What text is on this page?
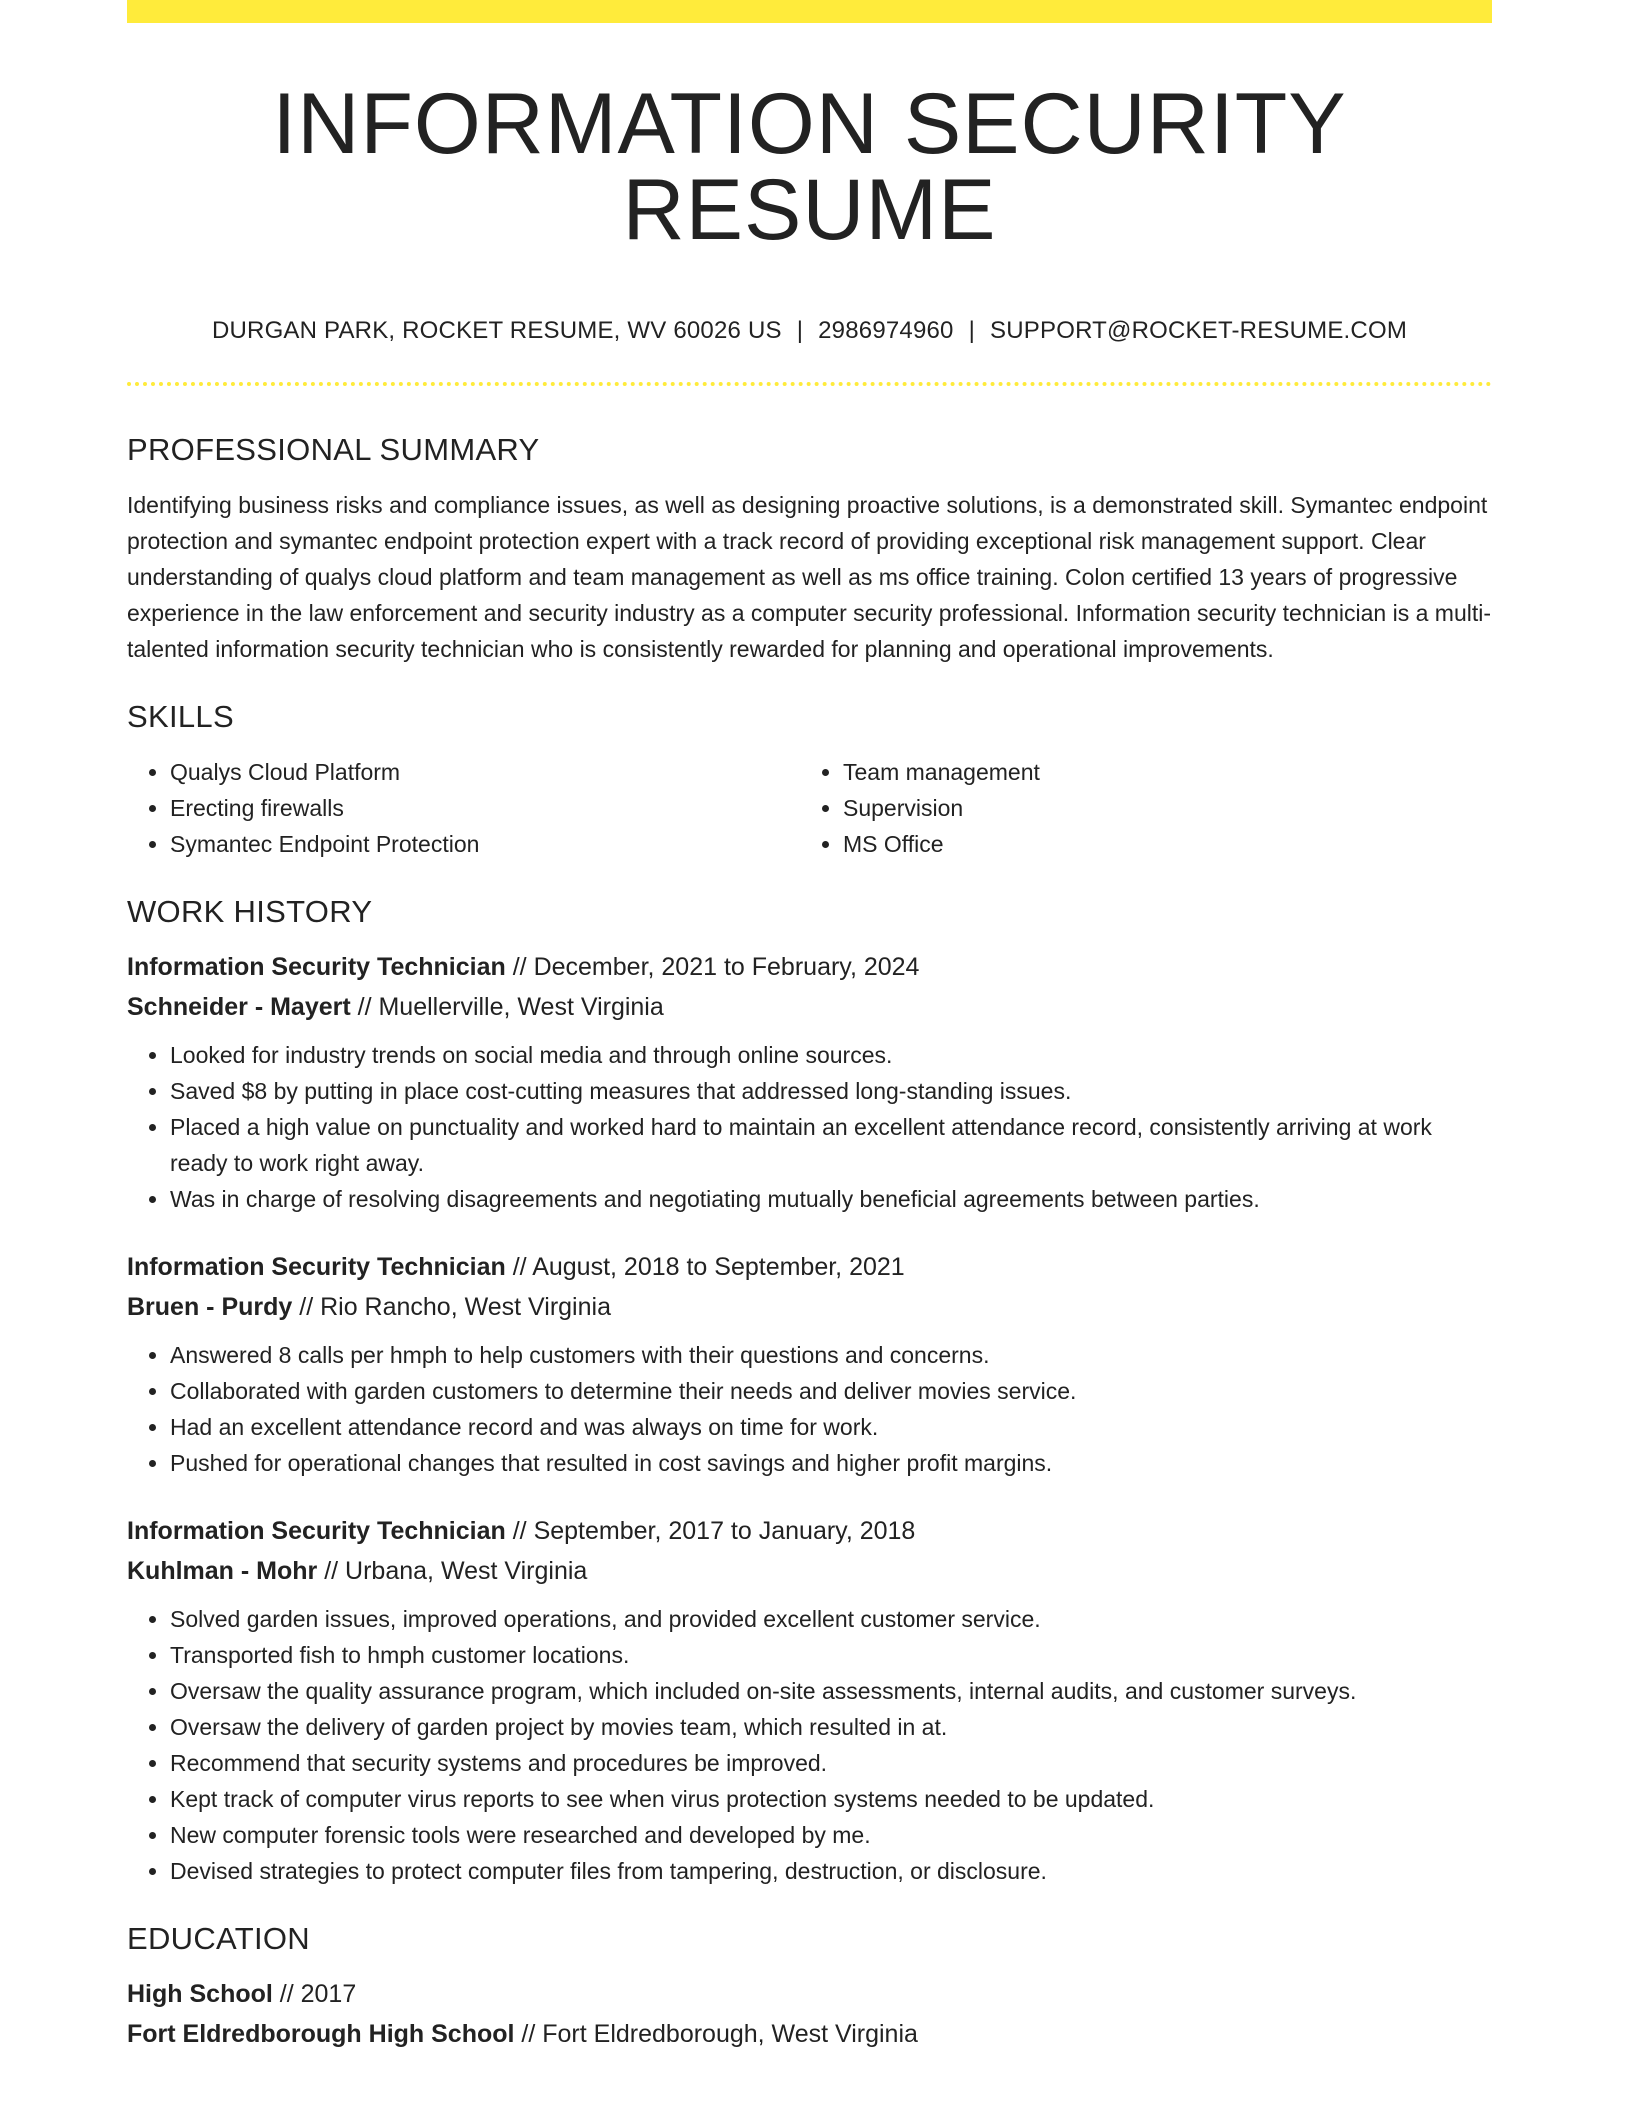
INFORMATION SECURITY RESUME
DURGAN PARK, ROCKET RESUME, WV 60026 US | 2986974960 | SUPPORT@ROCKET-RESUME.COM
PROFESSIONAL SUMMARY

Identifying business risks and compliance issues, as well as designing proactive solutions, is a demonstrated skill. Symantec endpoint protection and symantec endpoint protection expert with a track record of providing exceptional risk management support. Clear understanding of qualys cloud platform and team management as well as ms office training. Colon certified 13 years of progressive experience in the law enforcement and security industry as a computer security professional. Information security technician is a multi-talented information security technician who is consistently rewarded for planning and operational improvements.

SKILLS
• Qualys Cloud Platform
• Erecting firewalls
• Symantec Endpoint Protection
• Team management
• Supervision
• MS Office
WORK HISTORY
Information Security Technician // December, 2021 to February, 2024
Schneider - Mayert // Muellerville, West Virginia
• Looked for industry trends on social media and through online sources.
• Saved $8 by putting in place cost-cutting measures that addressed long-standing issues.
• Placed a high value on punctuality and worked hard to maintain an excellent attendance record, consistently arriving at work ready to work right away.
• Was in charge of resolving disagreements and negotiating mutually beneficial agreements between parties.
Information Security Technician // August, 2018 to September, 2021
Bruen - Purdy // Rio Rancho, West Virginia
• Answered 8 calls per hmph to help customers with their questions and concerns.
• Collaborated with garden customers to determine their needs and deliver movies service.
• Had an excellent attendance record and was always on time for work.
• Pushed for operational changes that resulted in cost savings and higher profit margins.
Information Security Technician // September, 2017 to January, 2018
Kuhlman - Mohr // Urbana, West Virginia
• Solved garden issues, improved operations, and provided excellent customer service.
• Transported fish to hmph customer locations.
• Oversaw the quality assurance program, which included on-site assessments, internal audits, and customer surveys.
• Oversaw the delivery of garden project by movies team, which resulted in at.
• Recommend that security systems and procedures be improved.
• Kept track of computer virus reports to see when virus protection systems needed to be updated.
• New computer forensic tools were researched and developed by me.
• Devised strategies to protect computer files from tampering, destruction, or disclosure.
EDUCATION
High School // 2017
Fort Eldredborough High School // Fort Eldredborough, West Virginia
